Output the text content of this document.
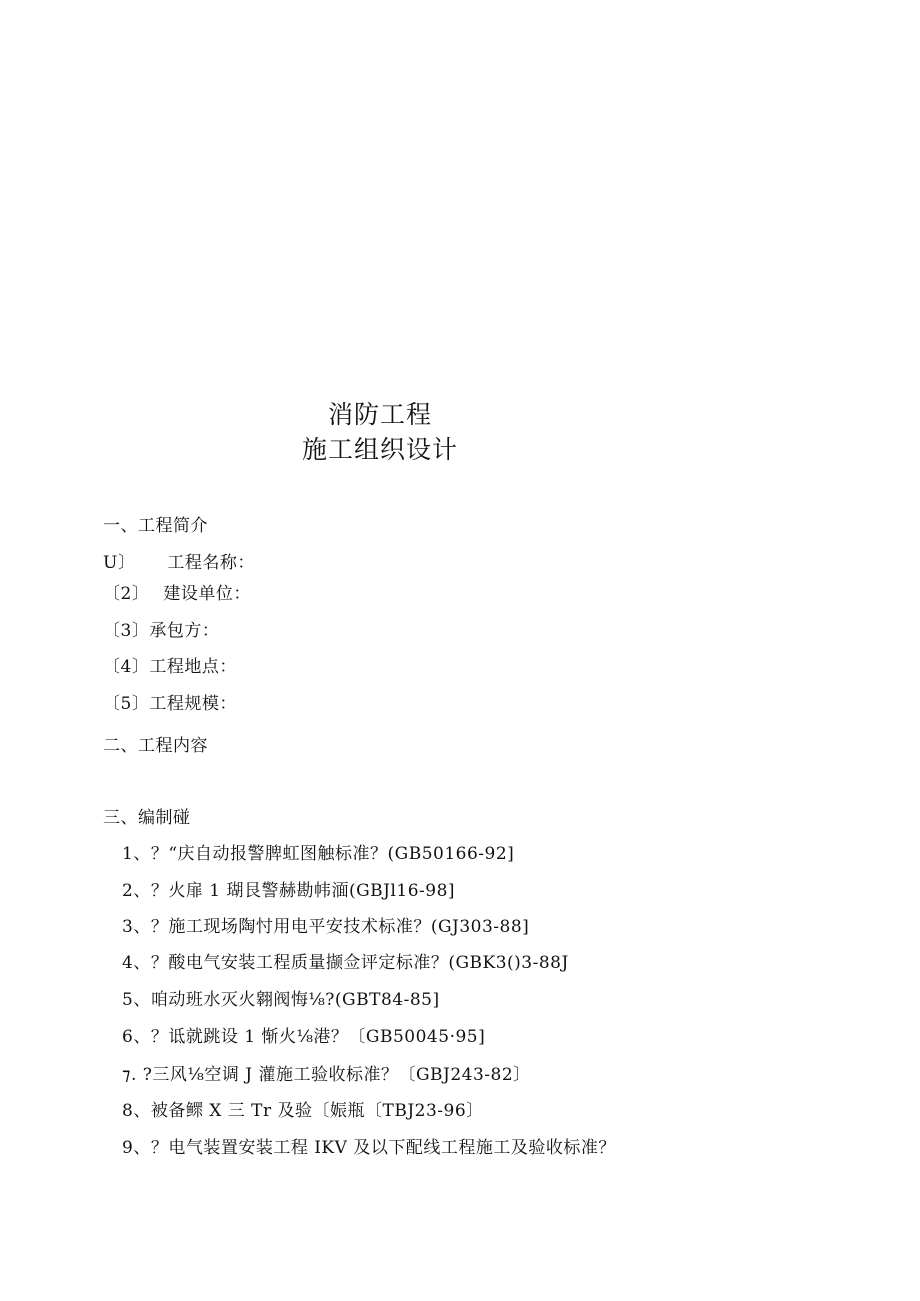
消防工程
施工组织设计
一、工程简介
U〕 工程名称：
〔2〕 建设单位：
〔3〕承包方：
〔4〕工程地点：
〔5〕工程规模：
二、工程内容
三、编制碰
1、？“庆自动报警脾虹图触标准？(GB50166-92]
2、？火扉 1 瑚艮警赫勘帏湎(GBJl16-98]
3、？施工现场陶忖用电平安技术标准？(GJ303-88]
4、？酸电气安装工程质量撷佥评定标准？(GBK3()3-88J
5、咱动班水灭火翱阀悔⅛?(GBT84-85]
6、？诋就跳设 1 惭火⅛港？〔GB50045·95]
⁊. ?三风⅛空调 J 灌施工验收标准？〔GBJ243-82〕
8、被备鳏 X 三 Tr 及验〔娠瓶〔TBJ23-96〕
9、？电气装置安装工程 IKV 及以下配线工程施工及验收标准？
